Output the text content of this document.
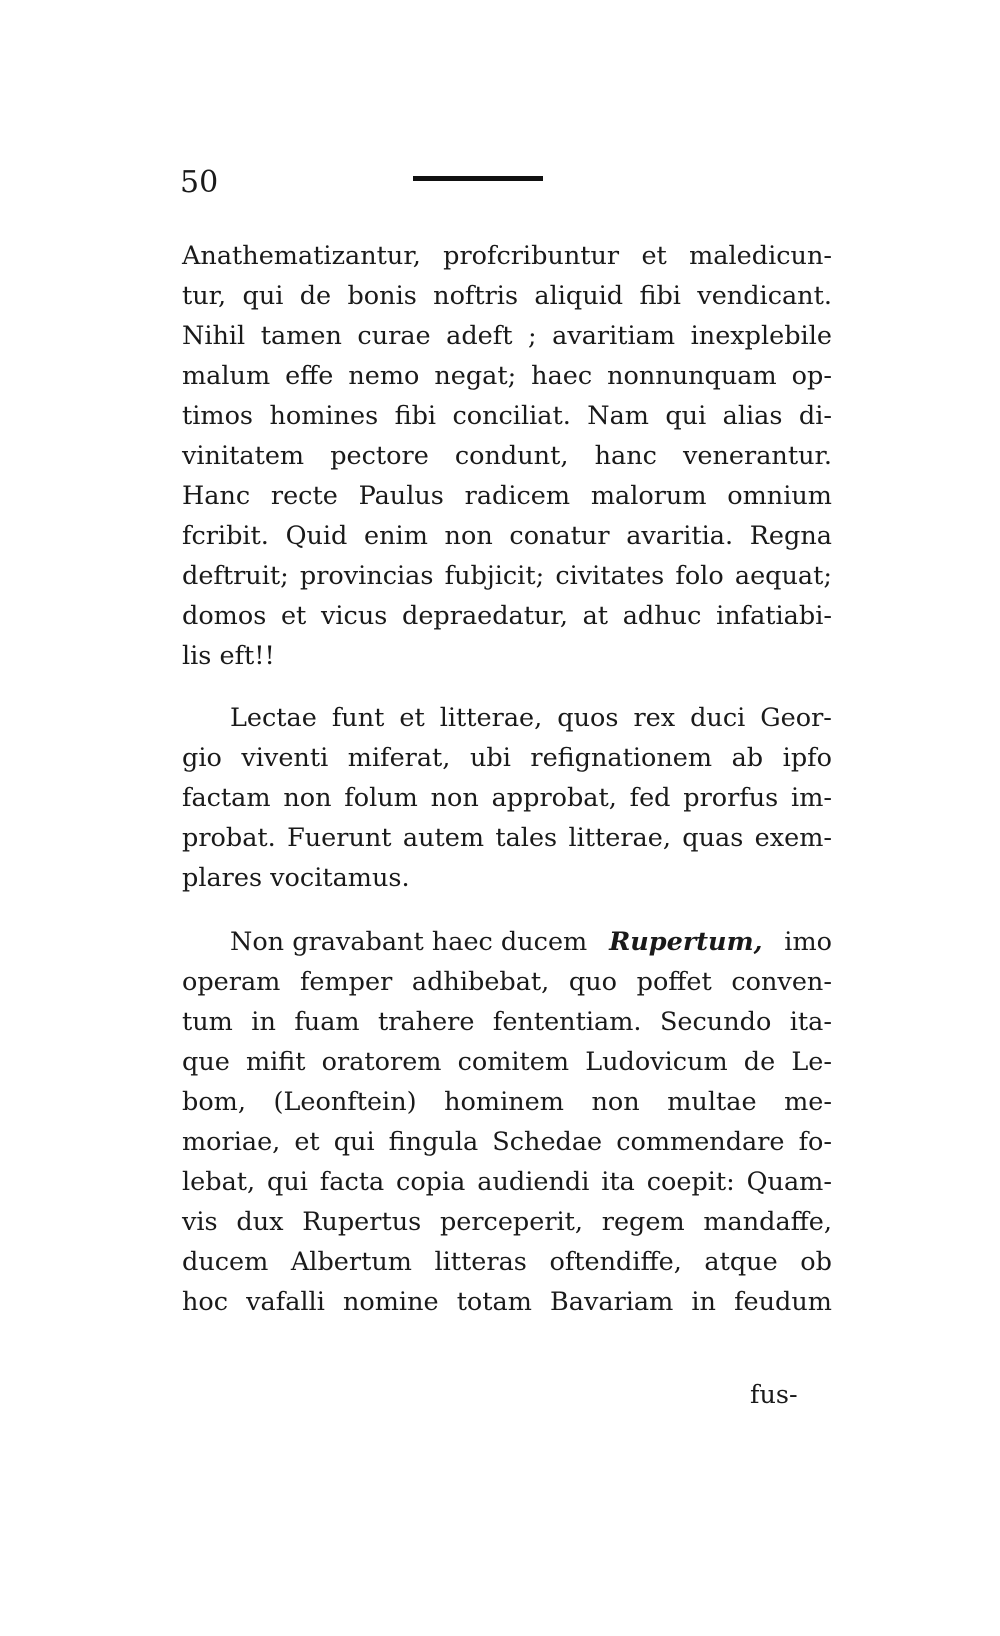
50
Anathematizantur, profcribuntur et maledicun-
tur, qui de bonis noftris aliquid fibi vendicant.
Nihil tamen curae adeft ; avaritiam inexplebile
malum effe nemo negat; haec nonnunquam op-
timos homines fibi conciliat. Nam qui alias di-
vinitatem pectore condunt, hanc venerantur.
Hanc recte Paulus radicem malorum omnium
fcribit. Quid enim non conatur avaritia. Regna
deftruit; provincias fubjicit; civitates folo aequat;
domos et vicus depraedatur, at adhuc infatiabi-
lis eft!!
Lectae funt et litterae, quos rex duci Geor-
gio viventi miferat, ubi refignationem ab ipfo
factam non folum non approbat, fed prorfus im-
probat. Fuerunt autem tales litterae, quas exem-
plares vocitamus.
Non gravabant haec ducem Rupertum, imo
operam femper adhibebat, quo poffet conven-
tum in fuam trahere fententiam. Secundo ita-
que mifit oratorem comitem Ludovicum de Le-
bom, (Leonftein) hominem non multae me-
moriae, et qui fingula Schedae commendare fo-
lebat, qui facta copia audiendi ita coepit: Quam-
vis dux Rupertus perceperit, regem mandaffe,
ducem Albertum litteras oftendiffe, atque ob
hoc vafalli nomine totam Bavariam in feudum
fus-
